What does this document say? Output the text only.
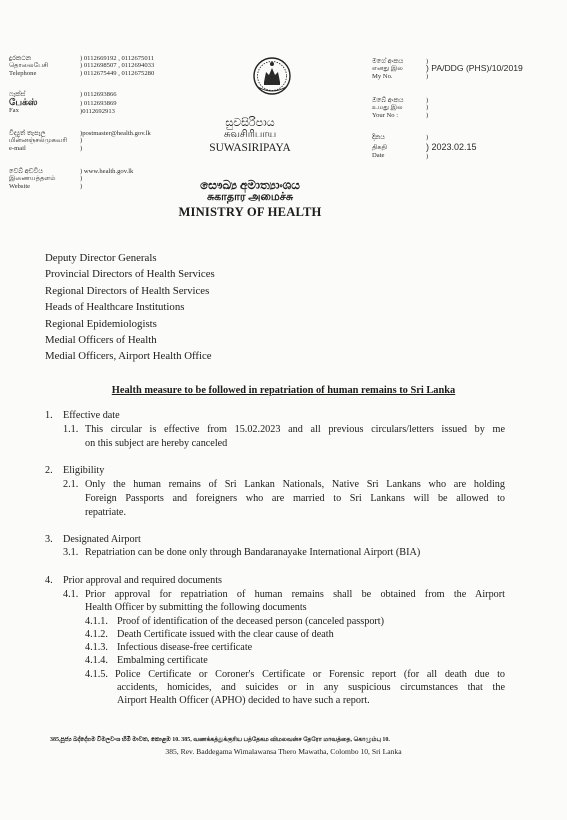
දුරකථන
தொலைபேசி
Telephone
) 0112669192 , 0112675011
) 0112698507 , 0112694033
) 0112675449 , 0112675280
ෆැක්ස්
பேக்ஸ்
Fax
) 0112693866
) 0112693869
)0112692913
විද්‍යුත් තැපැල
மின்னஞ்சல்முகவரி
e-mail
)postmaster@health.gov.lk
)
)
වෙබ් අඩවිය
இணையத்தளம்
Website
) www.health.gov.lk
)
)
සුවසිරිපාය
சுவசிரிபாய
SUWASIRIPAYA
සෞඛ්‍ය අමාත්‍යාංශය
சுகாதார அமைச்சு
MINISTRY OF HEALTH
මගේ අංකය
எனது இல
My No.
)
) PA/DDG (PHS)/10/2019
)
ඔබේ අංකය
உமது இல
Your No :
)
)
)
දිනය
திகதி
Date
)
) 2023.02.15
)
Deputy Director Generals
Provincial Directors of Health Services
Regional Directors of Health Services
Heads of Healthcare Institutions
Regional Epidemiologists
Medial Officers of Health
Medial Officers, Airport Health Office
Health measure to be followed in repatriation of human remains to Sri Lanka
1. Effective date
1.1. This circular is effective from 15.02.2023 and all previous circulars/letters issued by me
on this subject are hereby canceled
2. Eligibility
2.1. Only the human remains of Sri Lankan Nationals, Native Sri Lankans who are holding
Foreign Passports and foreigners who are married to Sri Lankans will be allowed to
repatriate.
3. Designated Airport
3.1. Repatriation can be done only through Bandaranayake International Airport (BIA)
4. Prior approval and required documents
4.1. Prior approval for repatriation of human remains shall be obtained from the Airport
Health Officer by submitting the following documents
4.1.1. Proof of identification of the deceased person (canceled passport)
4.1.2. Death Certificate issued with the clear cause of death
4.1.3. Infectious disease-free certificate
4.1.4. Embalming certificate
4.1.5. Police Certificate or Coroner's Certificate or Forensic report (for all death due to
accidents, homicides, and suicides or in any suspicious circumstances that the
Airport Health Officer (APHO) decided to have such a report.
385,පූජ්‍ය බද්දේගම විමලවංශ හිමි මාවත, කොළඹ 10. 385, வணக்கத்துக்குரிய பத்தேகம விமலவன்ச தேரோ மாவத்தை, கொழும்பு 10.
385, Rev. Baddegama Wimalawansa Thero Mawatha, Colombo 10, Sri Lanka
